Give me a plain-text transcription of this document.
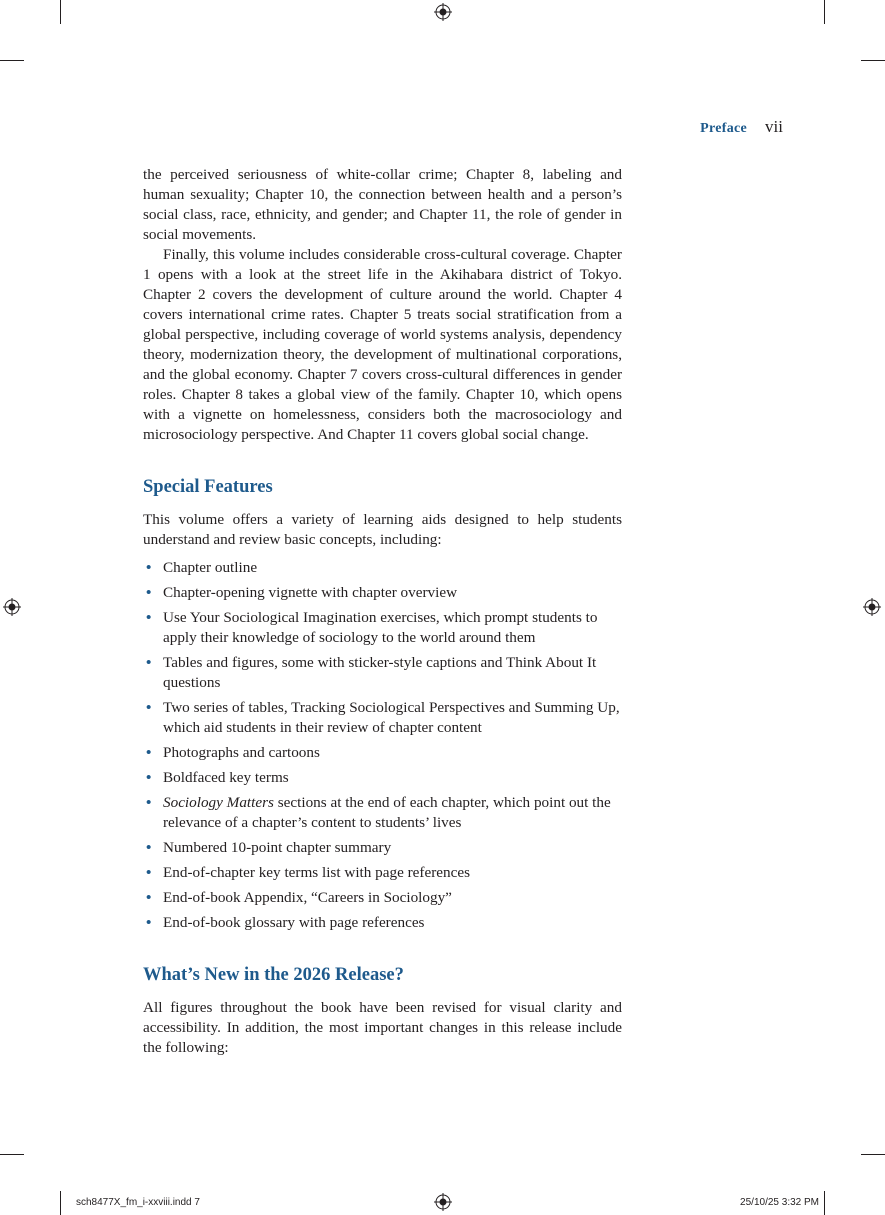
Preface vii

the perceived seriousness of white-collar crime; Chapter 8, labeling and human sexuality; Chapter 10, the connection between health and a person’s social class, race, ethnicity, and gender; and Chapter 11, the role of gender in social movements.

Finally, this volume includes considerable cross-cultural coverage. Chapter 1 opens with a look at the street life in the Akihabara district of Tokyo. Chapter 2 covers the development of culture around the world. Chapter 4 covers international crime rates. Chapter 5 treats social stratification from a global perspective, including coverage of world systems analysis, dependency theory, modernization theory, the development of multinational corporations, and the global economy. Chapter 7 covers cross-cultural differences in gender roles. Chapter 8 takes a global view of the family. Chapter 10, which opens with a vignette on homelessness, considers both the macrosociology and microsociology perspective. And Chapter 11 covers global social change.

Special Features

This volume offers a variety of learning aids designed to help students understand and review basic concepts, including:

• Chapter outline
• Chapter-opening vignette with chapter overview
• Use Your Sociological Imagination exercises, which prompt students to apply their knowledge of sociology to the world around them
• Tables and figures, some with sticker-style captions and Think About It questions
• Two series of tables, Tracking Sociological Perspectives and Summing Up, which aid students in their review of chapter content
• Photographs and cartoons
• Boldfaced key terms
• Sociology Matters sections at the end of each chapter, which point out the relevance of a chapter’s content to students’ lives
• Numbered 10-point chapter summary
• End-of-chapter key terms list with page references
• End-of-book Appendix, “Careers in Sociology”
• End-of-book glossary with page references
What’s New in the 2026 Release?

All figures throughout the book have been revised for visual clarity and accessibility. In addition, the most important changes in this release include the following:

sch8477X_fm_i-xxviii.indd 7	25/10/25 3:32 PM
